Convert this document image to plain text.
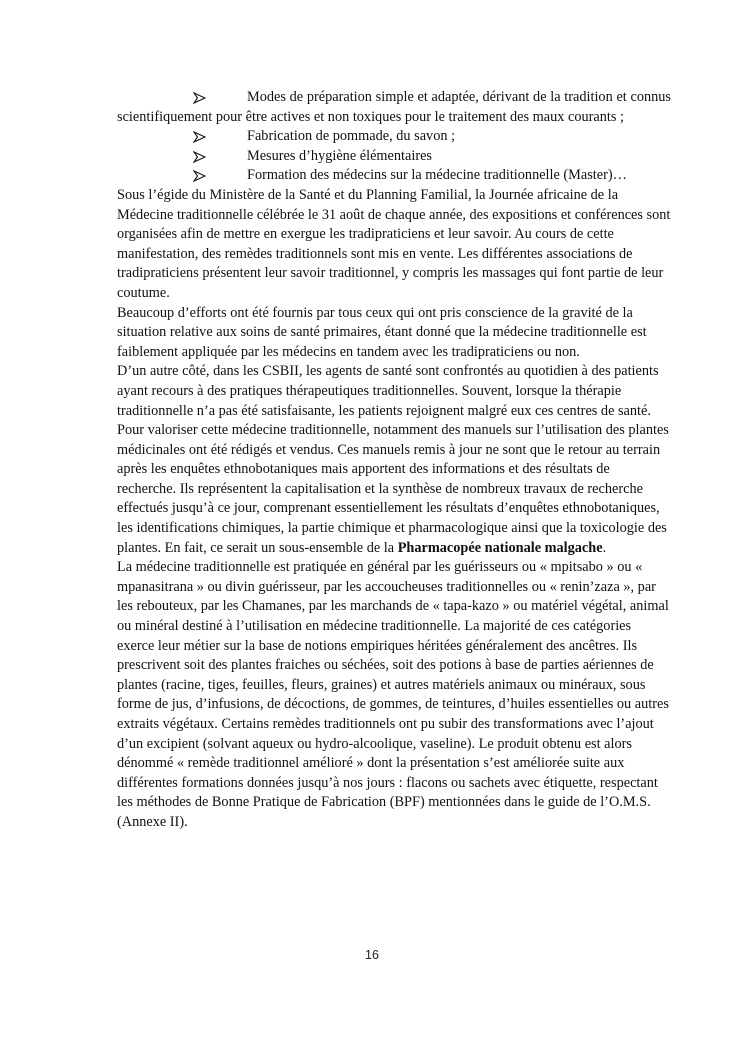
Modes de préparation simple et adaptée, dérivant de la tradition et connus scientifiquement pour être actives et non toxiques pour le traitement des maux courants ;
Fabrication de pommade, du savon ;
Mesures d’hygiène élémentaires
Formation des médecins sur la médecine traditionnelle (Master)…

Sous l’égide du Ministère de la Santé et du Planning Familial, la Journée africaine de la Médecine traditionnelle célébrée le 31 août de chaque année, des expositions et conférences sont organisées afin de mettre en exergue les tradipraticiens et leur savoir. Au cours de cette manifestation, des remèdes traditionnels sont mis en vente. Les différentes associations de tradipraticiens présentent leur savoir traditionnel, y compris les massages qui font partie de leur coutume.

Beaucoup d’efforts ont été fournis par tous ceux qui ont pris conscience de la gravité de la situation relative aux soins de santé primaires, étant donné que la médecine traditionnelle est faiblement appliquée par les médecins en tandem avec les tradipraticiens ou non.

D’un autre côté, dans les CSBII, les agents de santé sont confrontés au quotidien à des patients ayant recours à des pratiques thérapeutiques traditionnelles. Souvent, lorsque la thérapie traditionnelle n’a pas été satisfaisante, les patients rejoignent malgré eux ces centres de santé.

Pour valoriser cette médecine traditionnelle, notamment des manuels sur l’utilisation des plantes médicinales ont été rédigés et vendus. Ces manuels remis à jour ne sont que le retour au terrain après les enquêtes ethnobotaniques mais apportent des informations et des résultats de recherche. Ils représentent la capitalisation et la synthèse de nombreux travaux de recherche effectués jusqu’à ce jour, comprenant essentiellement les résultats d’enquêtes ethnobotaniques, les identifications chimiques, la partie chimique et pharmacologique ainsi que la toxicologie des plantes. En fait, ce serait un sous-ensemble de la Pharmacopée nationale malgache.

La médecine traditionnelle est pratiquée en général par les guérisseurs ou « mpitsabo » ou « mpanasitrana » ou divin guérisseur, par les accoucheuses traditionnelles ou « renin’zaza », par les rebouteux, par les Chamanes, par les marchands de « tapa-kazo » ou matériel végétal, animal ou minéral destiné à l’utilisation en médecine traditionnelle. La majorité de ces catégories exerce leur métier sur la base de notions empiriques héritées généralement des ancêtres. Ils prescrivent soit des plantes fraiches ou séchées, soit des potions à base de parties aériennes de plantes (racine, tiges, feuilles, fleurs, graines) et autres matériels animaux ou minéraux, sous forme de jus, d’infusions, de décoctions, de gommes, de teintures, d’huiles essentielles ou autres extraits végétaux. Certains remèdes traditionnels ont pu subir des transformations avec l’ajout d’un excipient (solvant aqueux ou hydro-alcoolique, vaseline). Le produit obtenu est alors dénommé « remède traditionnel amélioré » dont la présentation s’est améliorée suite aux différentes formations données jusqu’à nos jours : flacons ou sachets avec étiquette, respectant les méthodes de Bonne Pratique de Fabrication (BPF) mentionnées dans le guide de l’O.M.S. (Annexe II).

16
